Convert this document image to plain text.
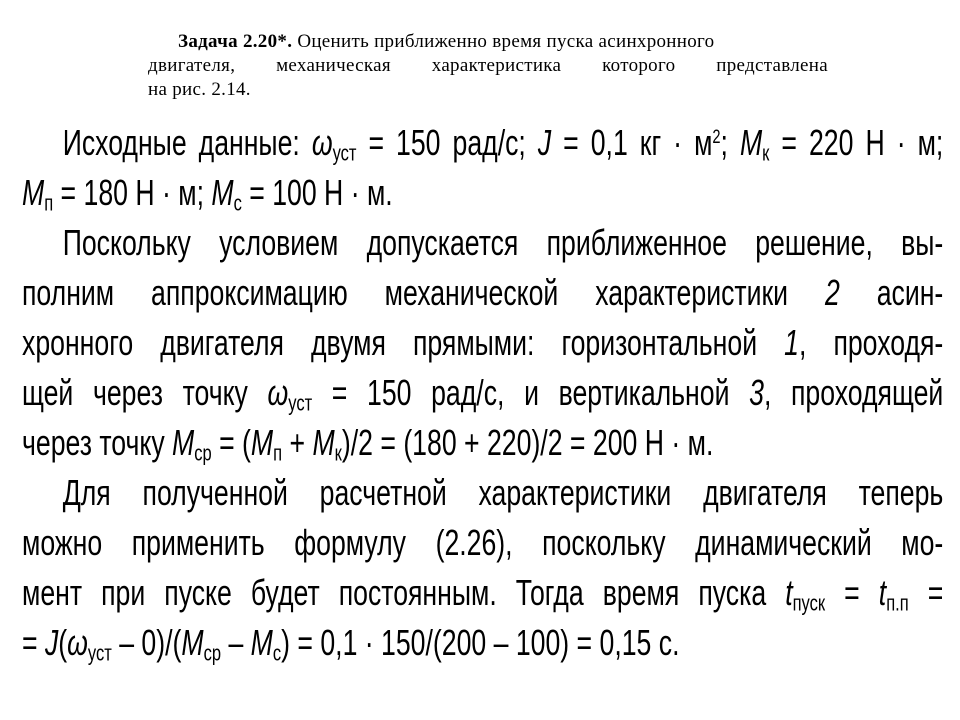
Задача 2.20*. Оценить приближенно время пуска асинхронного
двигателя, механическая характеристика которого представлена
на рис. 2.14.
Исходные данные: $\omega_{уст} = 150$ рад/с; J = 0,1 кг · $м^2$; $M_к = 220$ Н · м;
$M_п = 180$ Н · м; $M_с = 100$ Н · м.
Поскольку условием допускается приближенное решение, вы-
полним аппроксимацию механической характеристики 2 асин-
хронного двигателя двумя прямыми: горизонтальной 1, проходя-
щей через точку $\omega_{уст} = 150$ рад/с, и вертикальной 3, проходящей
через точку $M_{ср} = (M_п + M_к)/2 = (180 + 220)/2 = 200$ Н · м.
Для полученной расчетной характеристики двигателя теперь
можно применить формулу (2.26), поскольку динамический мо-
мент при пуске будет постоянным. Тогда время пуска $t_{пуск} = t_{п.п}$ =
= $J(\omega_{уст} - 0)/(M_{ср} - M_с) = 0,1 \cdot 150/(200 - 100) = 0,15$ с.
